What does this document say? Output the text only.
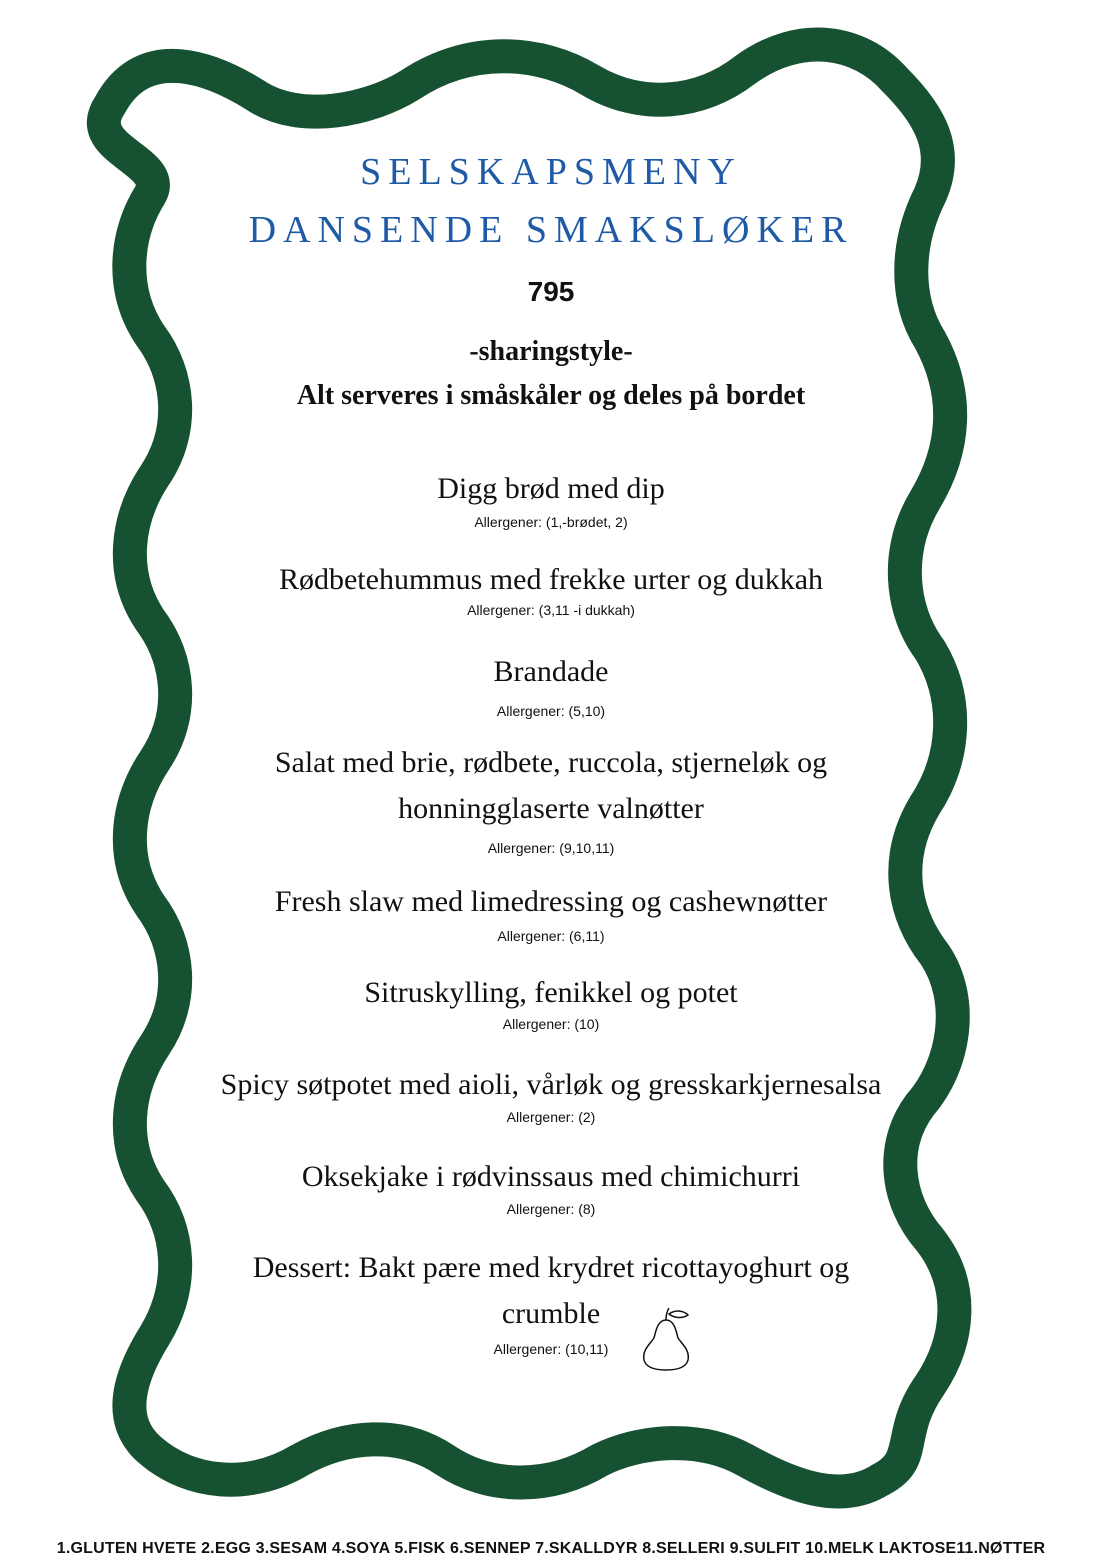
SELSKAPSMENY
DANSENDE SMAKSLØKER
795
-sharingstyle-
Alt serveres i småskåler og deles på bordet
Digg brød med dip
Allergener: (1,-brødet, 2)
Rødbetehummus med frekke urter og dukkah
Allergener: (3,11 -i dukkah)
Brandade
Allergener: (5,10)
Salat med brie, rødbete, ruccola, stjerneløk og
honningglaserte valnøtter
Allergener: (9,10,11)
Fresh slaw med limedressing og cashewnøtter
Allergener: (6,11)
Sitruskylling, fenikkel og potet
Allergener: (10)
Spicy søtpotet med aioli, vårløk og gresskarkjernesalsa
Allergener: (2)
Oksekjake i rødvinssaus med chimichurri
Allergener: (8)
Dessert: Bakt pære med krydret ricottayoghurt og
crumble
Allergener: (10,11)
1.GLUTEN HVETE 2.EGG 3.SESAM 4.SOYA 5.FISK 6.SENNEP 7.SKALLDYR 8.SELLERI 9.SULFIT 10.MELK LAKTOSE11.NØTTER
